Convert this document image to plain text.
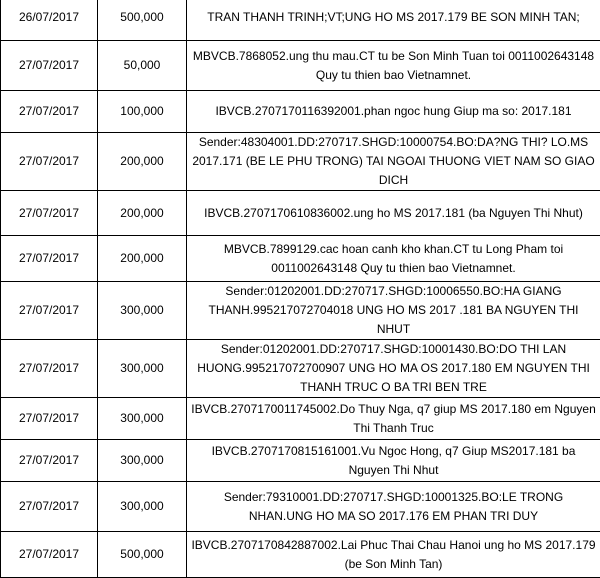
26/07/2017	500,000	TRAN THANH TRINH;VT;UNG HO MS 2017.179 BE SON MINH TAN;
27/07/2017	50,000	MBVCB.7868052.ung thu mau.CT tu be Son Minh Tuan toi 0011002643148 Quy tu thien bao Vietnamnet.
27/07/2017	100,000	IBVCB.2707170116392001.phan ngoc hung Giup ma so: 2017.181
27/07/2017	200,000	Sender:48304001.DD:270717.SHGD:10000754.BO:DA?NG THI? LO.MS 2017.171 (BE LE PHU TRONG) TAI NGOAI THUONG VIET NAM SO GIAO DICH
27/07/2017	200,000	IBVCB.2707170610836002.ung ho MS 2017.181 (ba Nguyen Thi Nhut)
27/07/2017	200,000	MBVCB.7899129.cac hoan canh kho khan.CT tu Long Pham toi 0011002643148 Quy tu thien bao Vietnamnet.
27/07/2017	300,000	Sender:01202001.DD:270717.SHGD:10006550.BO:HA GIANG THANH.995217072704018 UNG HO MS 2017 .181 BA NGUYEN THI NHUT
27/07/2017	300,000	Sender:01202001.DD:270717.SHGD:10001430.BO:DO THI LAN HUONG.995217072700907 UNG HO MA OS 2017.180 EM NGUYEN THI THANH TRUC O BA TRI BEN TRE
27/07/2017	300,000	IBVCB.2707170011745002.Do Thuy Nga, q7 giup MS 2017.180 em Nguyen Thi Thanh Truc
27/07/2017	300,000	IBVCB.2707170815161001.Vu Ngoc Hong, q7 Giup MS2017.181 ba Nguyen Thi Nhut
27/07/2017	300,000	Sender:79310001.DD:270717.SHGD:10001325.BO:LE TRONG NHAN.UNG HO MA SO 2017.176 EM PHAN TRI DUY
27/07/2017	500,000	IBVCB.2707170842887002.Lai Phuc Thai Chau Hanoi ung ho MS 2017.179 (be Son Minh Tan)
